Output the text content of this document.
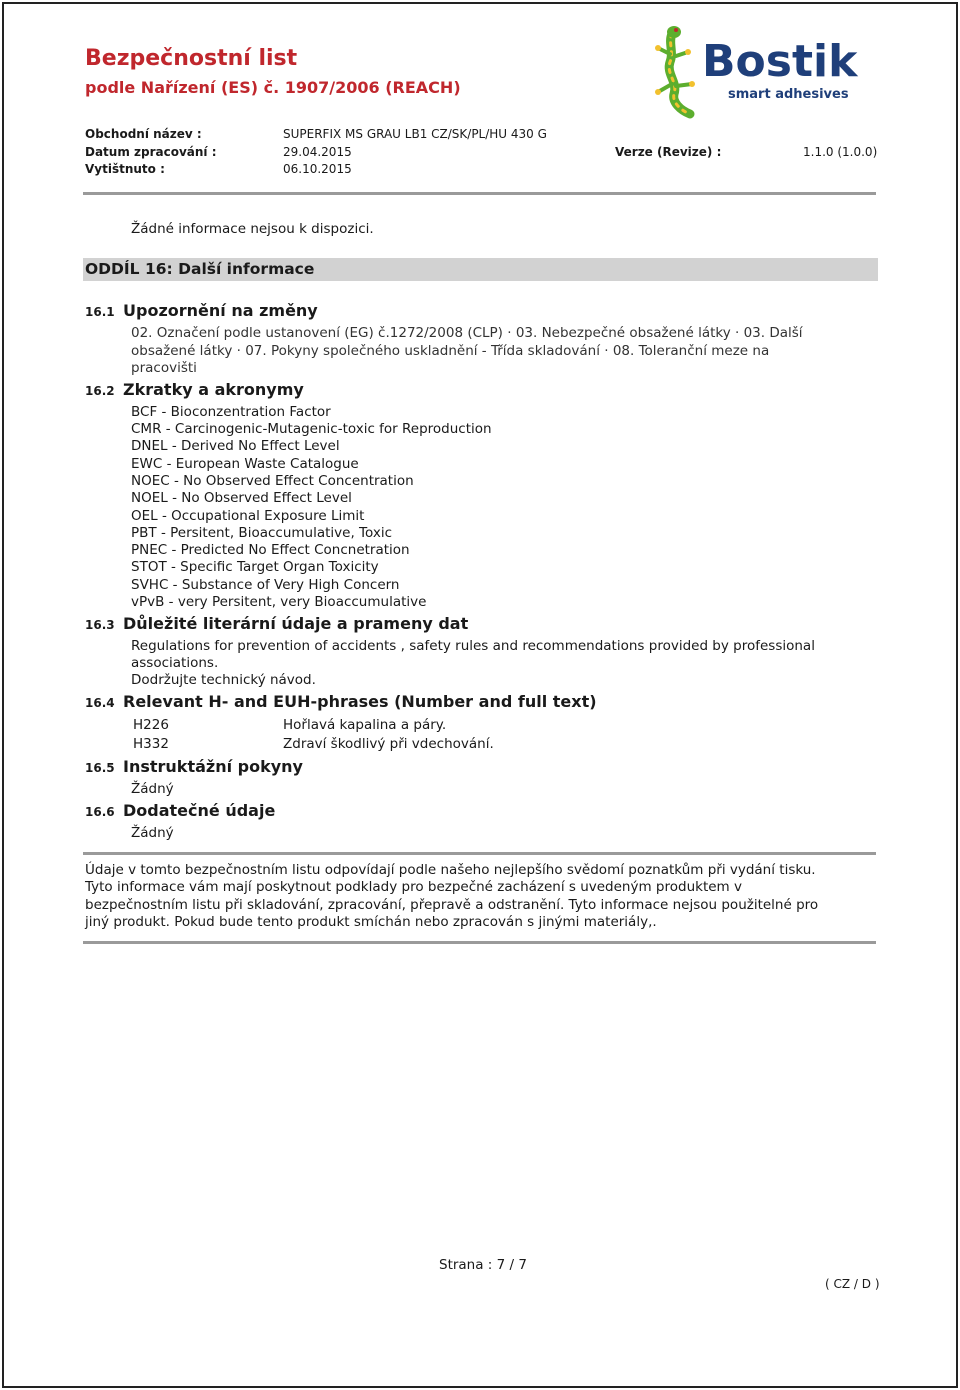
Bezpečnostní list
podle Nařízení (ES) č. 1907/2006 (REACH)
Bostik
smart adhesives
Obchodní název :	SUPERFIX MS GRAU LB1 CZ/SK/PL/HU 430 G
Datum zpracování :	29.04.2015	Verze (Revize) :	1.1.0 (1.0.0)
Vytištnuto :	06.10.2015
Žádné informace nejsou k dispozici.
ODDÍL 16: Další informace
16.1 Upozornění na změny
02. Označení podle ustanovení (EG) č.1272/2008 (CLP) · 03. Nebezpečné obsažené látky · 03. Další
obsažené látky · 07. Pokyny společného uskladnění - Třída skladování · 08. Toleranční meze na
pracovišti
16.2 Zkratky a akronymy
BCF - Bioconzentration Factor
CMR - Carcinogenic-Mutagenic-toxic for Reproduction
DNEL - Derived No Effect Level
EWC - European Waste Catalogue
NOEC - No Observed Effect Concentration
NOEL - No Observed Effect Level
OEL - Occupational Exposure Limit
PBT - Persitent, Bioaccumulative, Toxic
PNEC - Predicted No Effect Concnetration
STOT - Specific Target Organ Toxicity
SVHC - Substance of Very High Concern
vPvB - very Persitent, very Bioaccumulative
16.3 Důležité literární údaje a prameny dat
Regulations for prevention of accidents , safety rules and recommendations provided by professional
associations.
Dodržujte technický návod.
16.4 Relevant H- and EUH-phrases (Number and full text)
H226	Hořlavá kapalina a páry.
H332	Zdraví škodlivý při vdechování.
16.5 Instruktážní pokyny
Žádný
16.6 Dodatečné údaje
Žádný
Údaje v tomto bezpečnostním listu odpovídají podle našeho nejlepšího svědomí poznatkům při vydání tisku.
Tyto informace vám mají poskytnout podklady pro bezpečné zacházení s uvedeným produktem v
bezpečnostním listu při skladování, zpracování, přepravě a odstranění. Tyto informace nejsou použitelné pro
jiný produkt. Pokud bude tento produkt smíchán nebo zpracován s jinými materiály,.
Strana : 7 / 7
( CZ / D )
